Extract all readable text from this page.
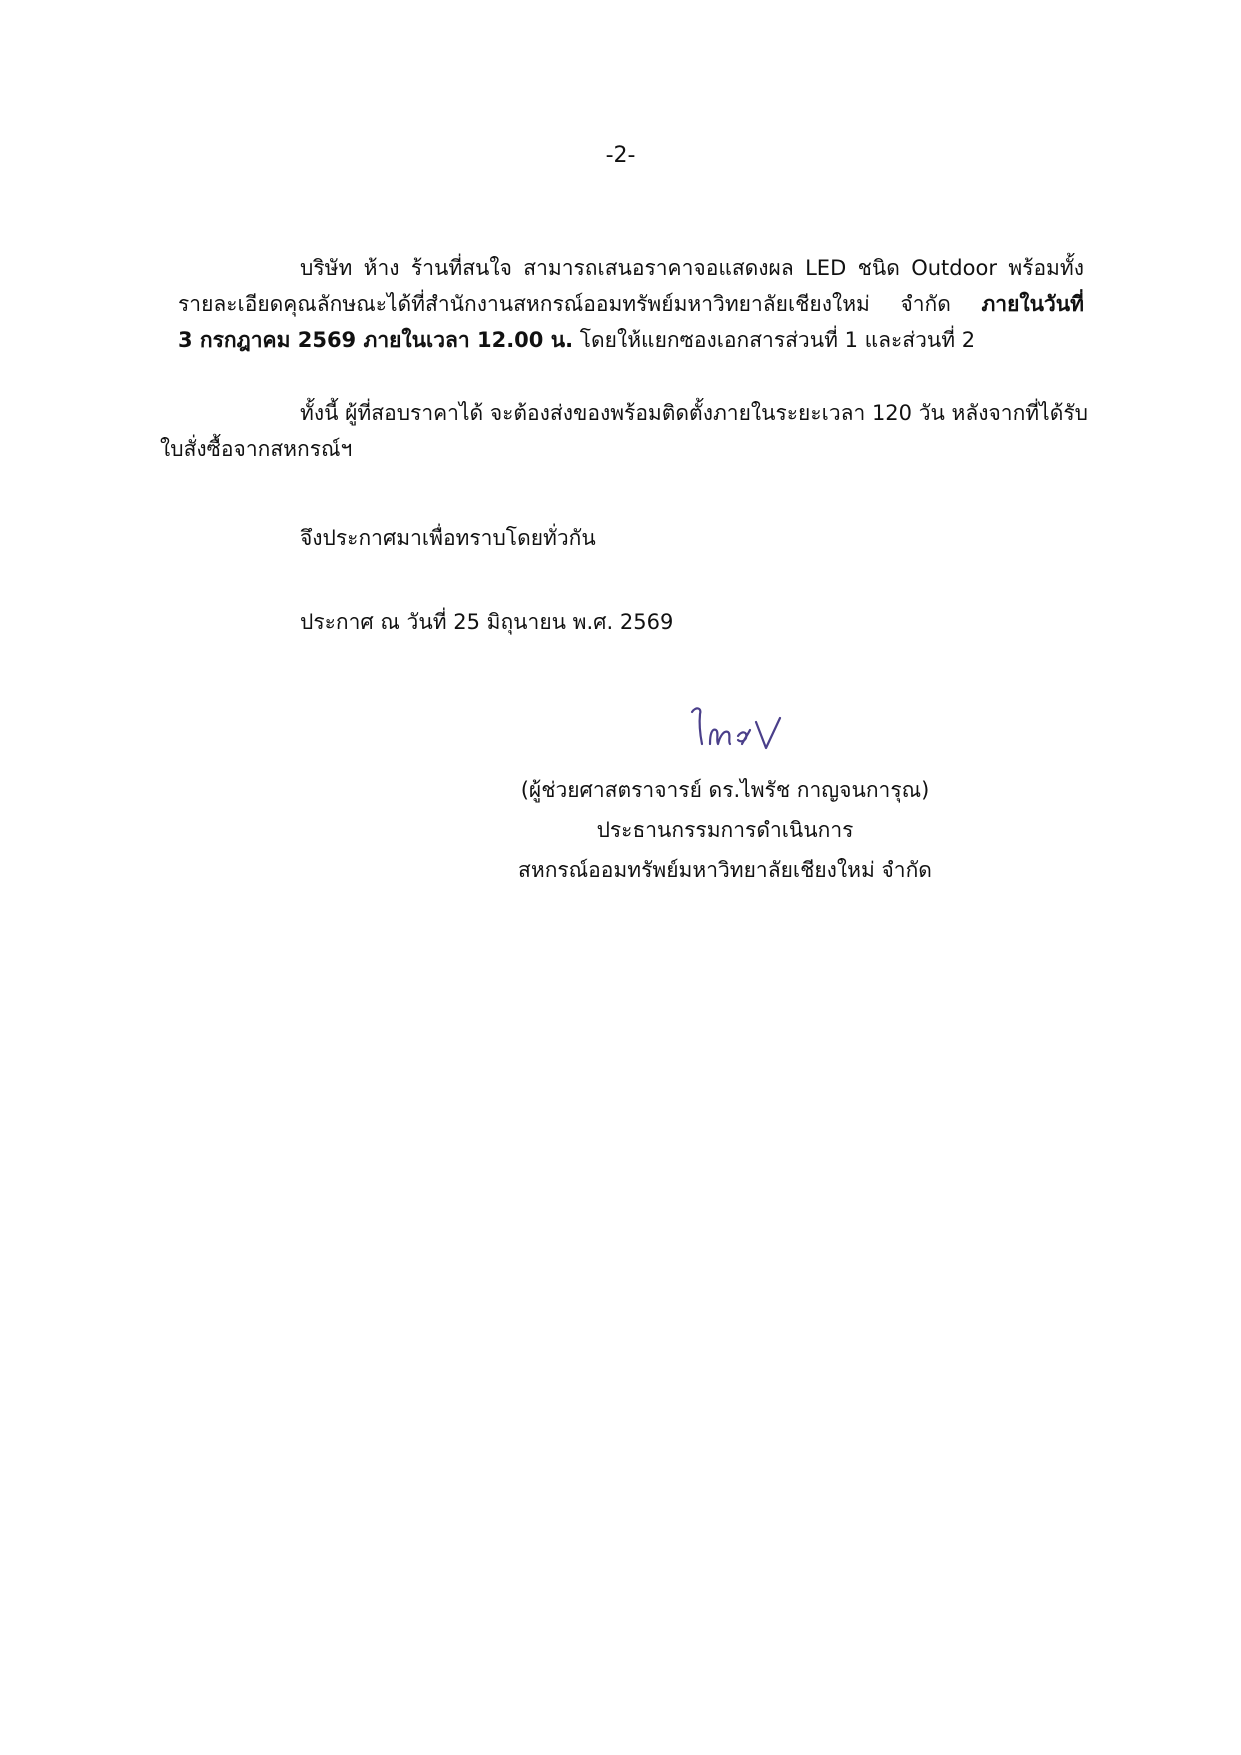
-2-

บริษัท ห้าง ร้านที่สนใจ สามารถเสนอราคาจอแสดงผล LED ชนิด Outdoor พร้อมทั้ง
รายละเอียดคุณลักษณะได้ที่สำนักงานสหกรณ์ออมทรัพย์มหาวิทยาลัยเชียงใหม่ จำกัด ภายในวันที่
3 กรกฎาคม 2569 ภายในเวลา 12.00 น. โดยให้แยกซองเอกสารส่วนที่ 1 และส่วนที่ 2

ทั้งนี้ ผู้ที่สอบราคาได้ จะต้องส่งของพร้อมติดตั้งภายในระยะเวลา 120 วัน หลังจากที่ได้รับ
ใบสั่งซื้อจากสหกรณ์ฯ

จึงประกาศมาเพื่อทราบโดยทั่วกัน

ประกาศ ณ วันที่ 25 มิถุนายน พ.ศ. 2569

(ผู้ช่วยศาสตราจารย์ ดร.ไพรัช กาญจนการุณ)
ประธานกรรมการดำเนินการ
สหกรณ์ออมทรัพย์มหาวิทยาลัยเชียงใหม่ จำกัด
